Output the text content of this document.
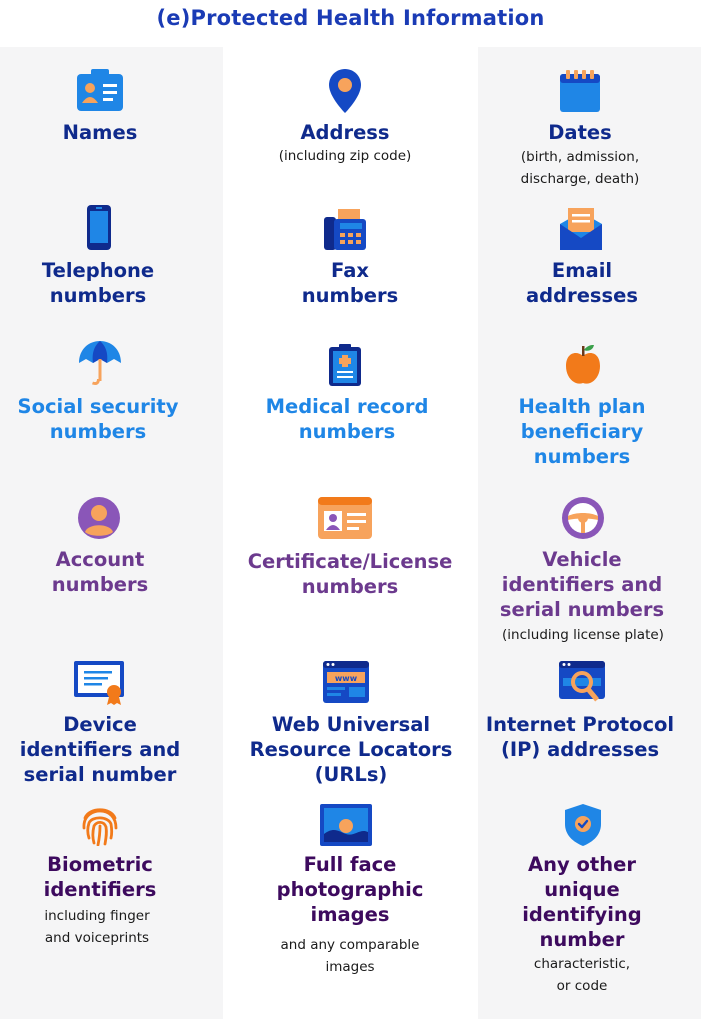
(e)Protected Health Information
Names	Address
(including zip code)
Dates
(birth, admission,
discharge, death)
Telephone
numbers
Fax
numbers
Email
addresses
Social security
numbers
Medical record
numbers
Health plan
beneficiary
numbers
Account
numbers
Certificate/License
numbers
Vehicle
identifiers and
serial numbers
(including license plate)
Device
identifiers and
serial number
www
Web Universal
Resource Locators
(URLs)
Internet Protocol
(IP) addresses
Biometric
identifiers
including finger
and voiceprints
Full face
photographic
images
and any comparable
images
Any other
unique
identifying
number
characteristic,
or code
